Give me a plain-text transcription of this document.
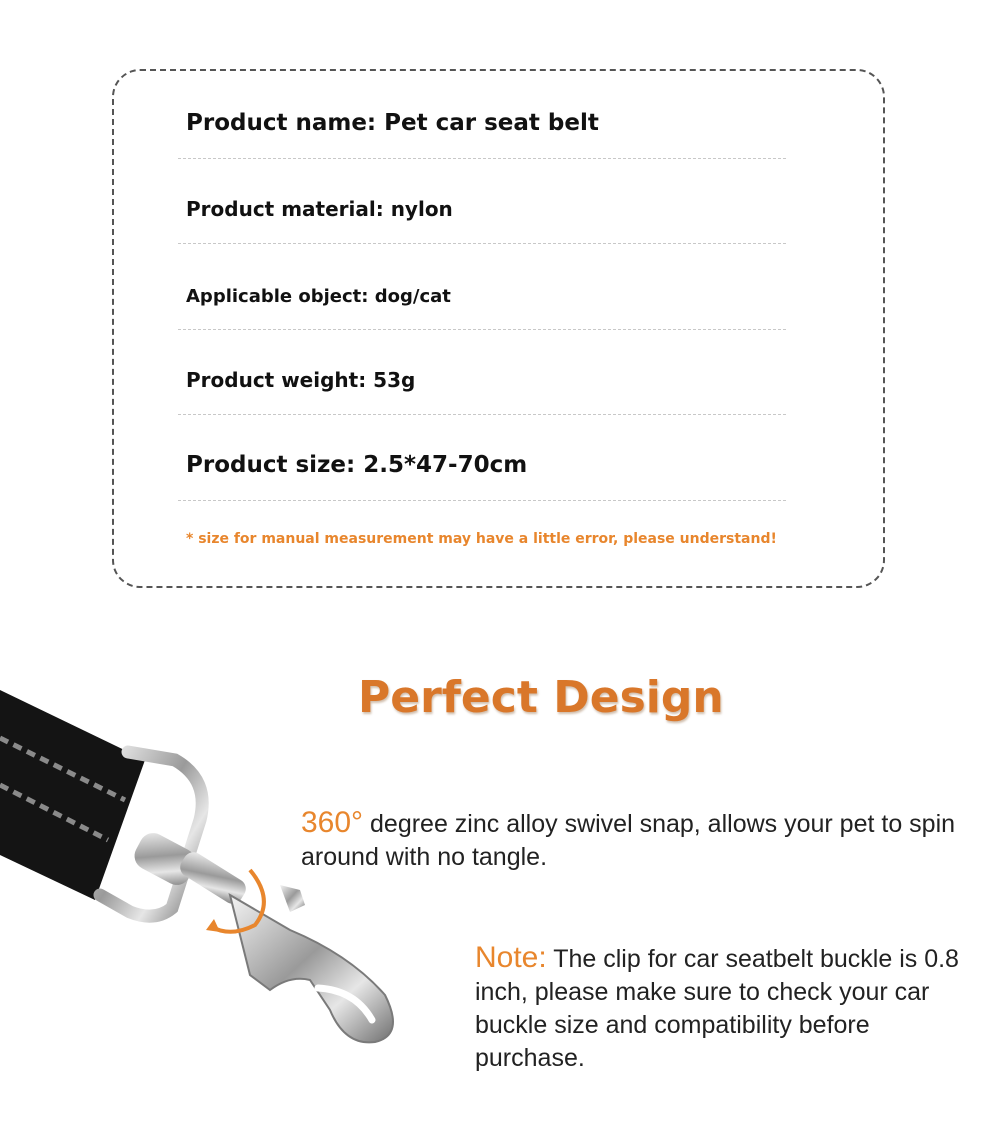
Product name: Pet car seat belt
Product material: nylon
Applicable object: dog/cat
Product weight: 53g
Product size: 2.5*47-70cm
* size for manual measurement may have a little error, please understand!
Perfect Design
360° degree zinc alloy swivel snap, allows your pet to spin around with no tangle.
Note: The clip for car seatbelt buckle is 0.8 inch, please make sure to check your car buckle size and compatibility before purchase.
